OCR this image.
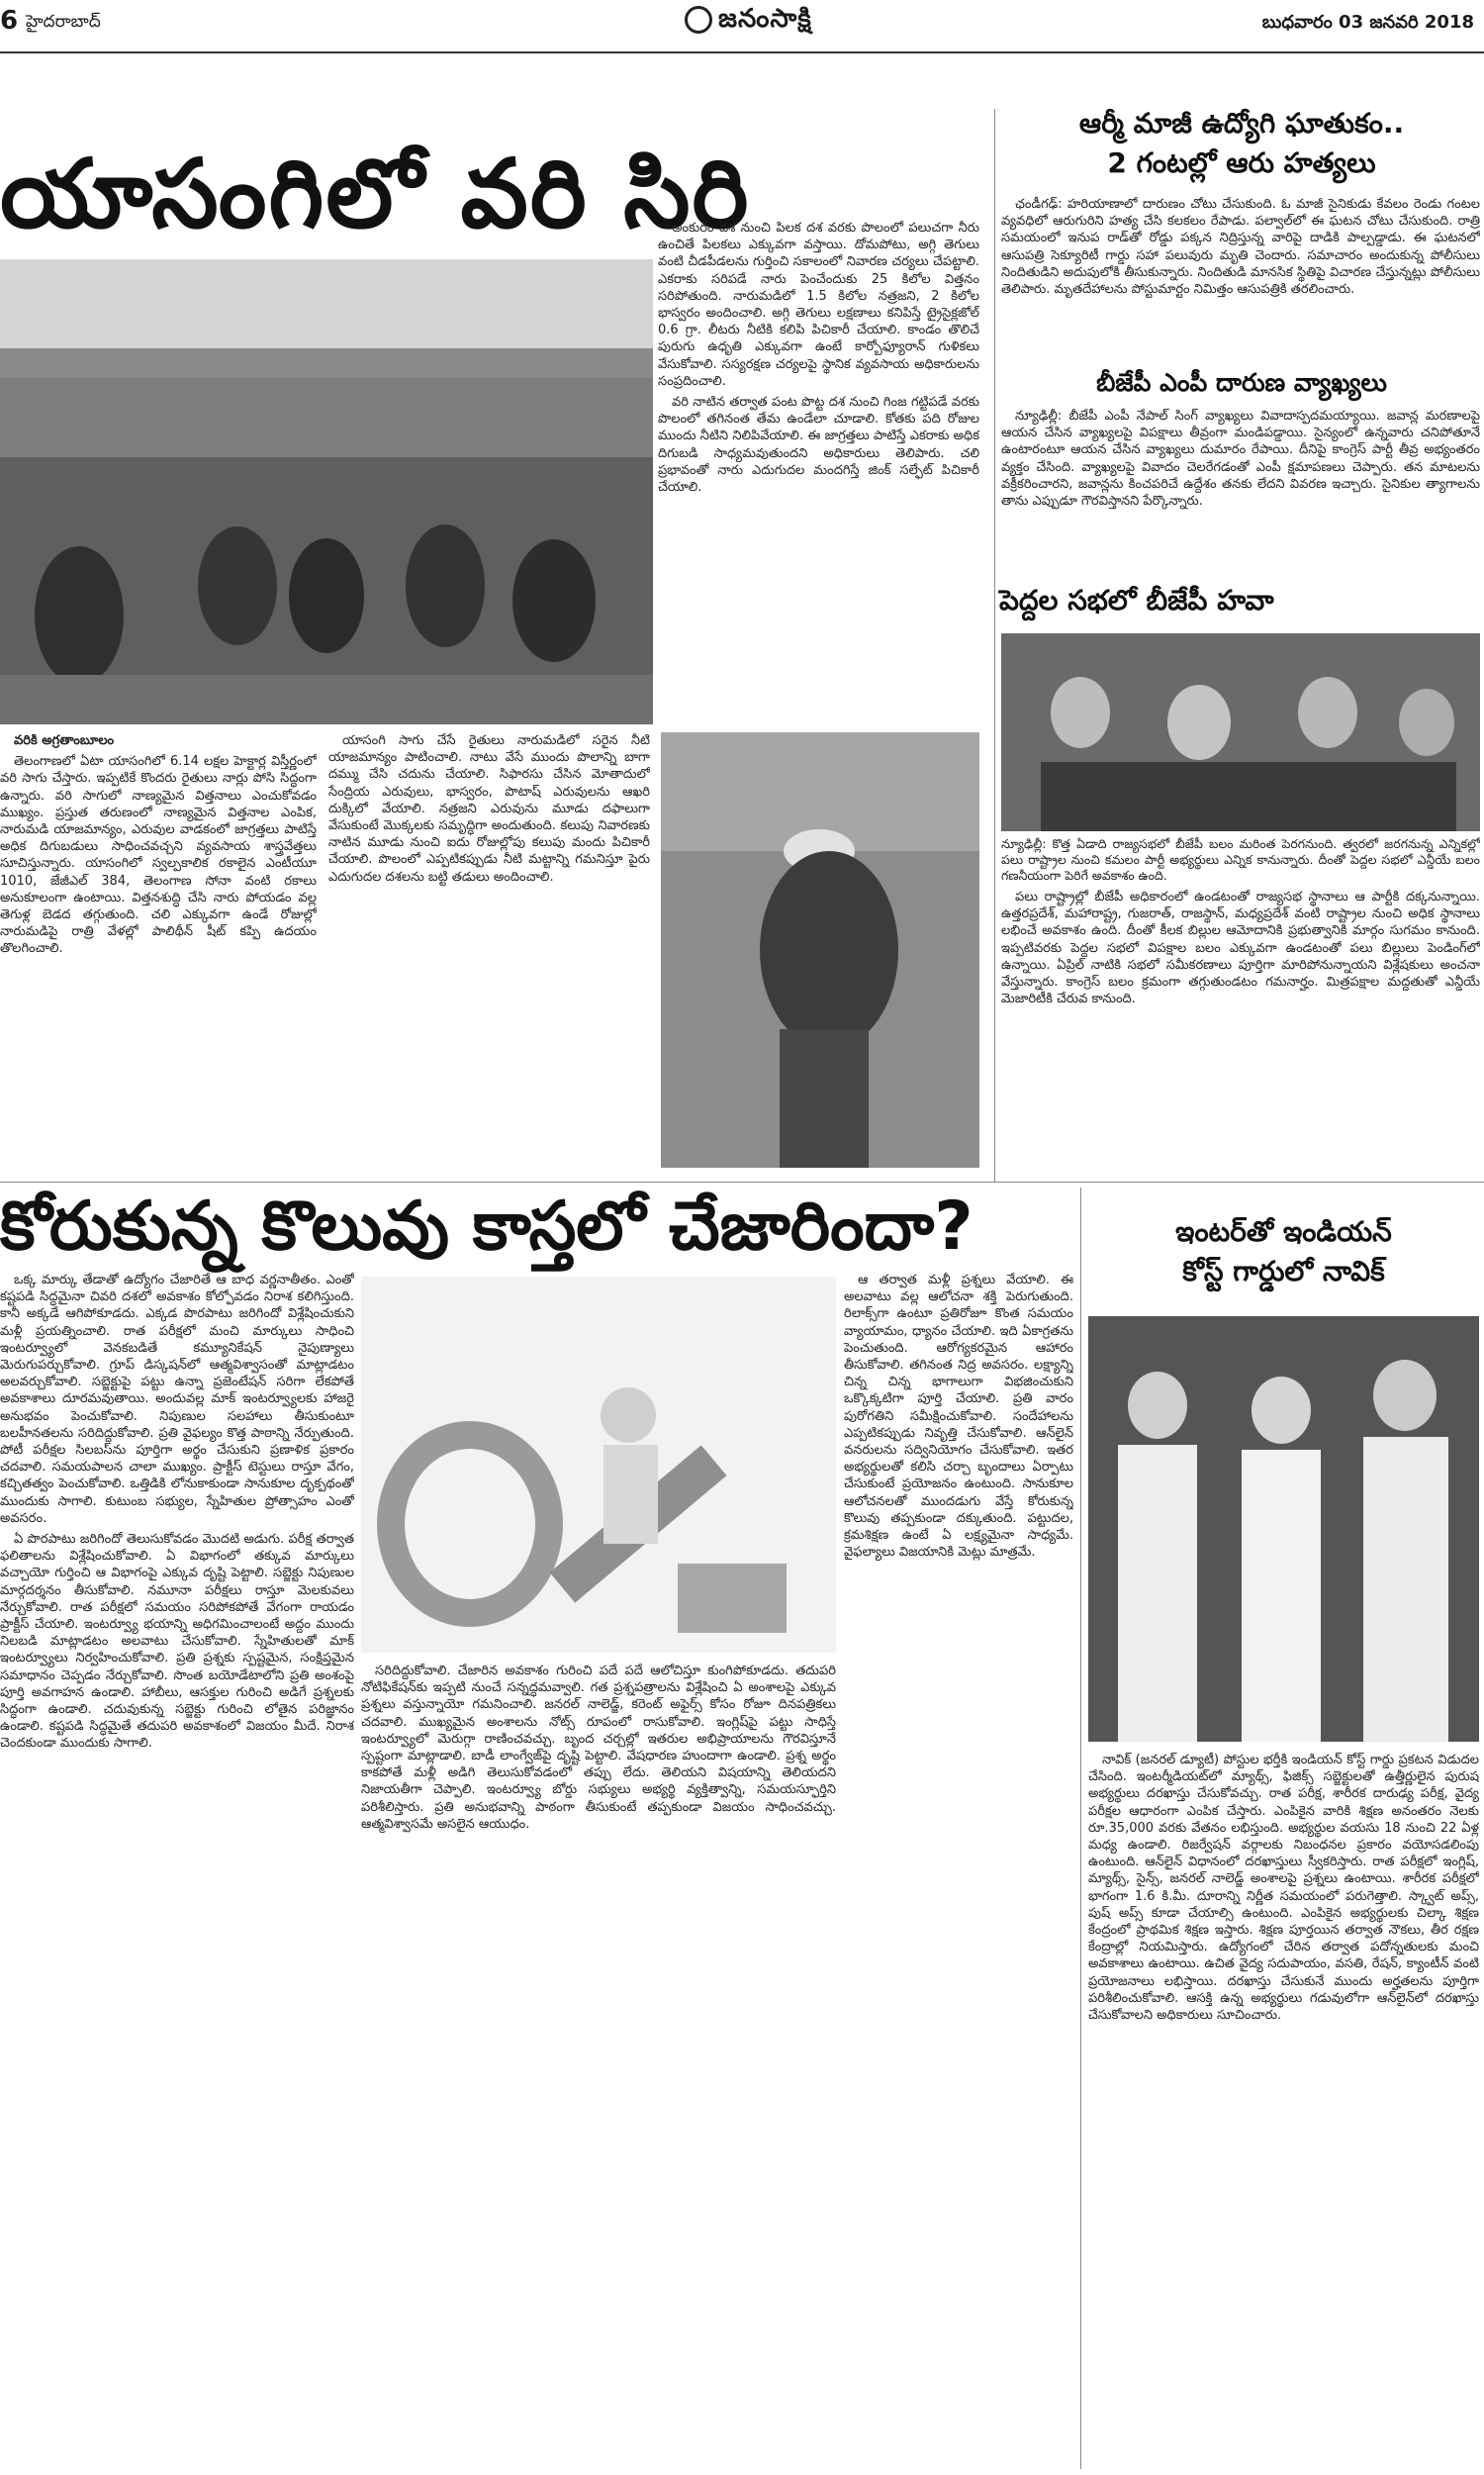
6 హైదరాబాద్	జనంసాక్షి	బుధవారం 03 జనవరి 2018
యాసంగిలో వరి సిరి

అంకురం దశ నుంచి పిలక దశ వరకు పొలంలో పలుచగా నీరు ఉంచితే పిలకలు ఎక్కువగా వస్తాయి. దోమపోటు, అగ్గి తెగులు వంటి చీడపీడలను గుర్తించి సకాలంలో నివారణ చర్యలు చేపట్టాలి. ఎకరాకు సరిపడే నారు పెంచేందుకు 25 కిలోల విత్తనం సరిపోతుంది. నారుమడిలో 1.5 కిలోల నత్రజని, 2 కిలోల భాస్వరం అందించాలి. అగ్గి తెగులు లక్షణాలు కనిపిస్తే ట్రైసైక్లజోల్ 0.6 గ్రా. లీటరు నీటికి కలిపి పిచికారీ చేయాలి. కాండం తొలిచే పురుగు ఉధృతి ఎక్కువగా ఉంటే కార్బోఫ్యూరాన్ గుళికలు వేసుకోవాలి. సస్యరక్షణ చర్యలపై స్థానిక వ్యవసాయ అధికారులను సంప్రదించాలి.

వరి నాటిన తర్వాత పంట పొట్ట దశ నుంచి గింజ గట్టిపడే వరకు పొలంలో తగినంత తేమ ఉండేలా చూడాలి. కోతకు పది రోజుల ముందు నీటిని నిలిపివేయాలి. ఈ జాగ్రత్తలు పాటిస్తే ఎకరాకు అధిక దిగుబడి సాధ్యమవుతుందని అధికారులు తెలిపారు. చలి ప్రభావంతో నారు ఎదుగుదల మందగిస్తే జింక్ సల్ఫేట్ పిచికారీ చేయాలి.

వరికి అగ్రతాంబూలం

తెలంగాణలో ఏటా యాసంగిలో 6.14 లక్షల హెక్టార్ల విస్తీర్ణంలో వరి సాగు చేస్తారు. ఇప్పటికే కొందరు రైతులు నార్లు పోసి సిద్ధంగా ఉన్నారు. వరి సాగులో నాణ్యమైన విత్తనాలు ఎంచుకోవడం ముఖ్యం. ప్రస్తుత తరుణంలో నాణ్యమైన విత్తనాల ఎంపిక, నారుమడి యాజమాన్యం, ఎరువుల వాడకంలో జాగ్రత్తలు పాటిస్తే అధిక దిగుబడులు సాధించవచ్చని వ్యవసాయ శాస్త్రవేత్తలు సూచిస్తున్నారు. యాసంగిలో స్వల్పకాలిక రకాలైన ఎంటీయూ 1010, జేజీఎల్ 384, తెలంగాణ సోనా వంటి రకాలు అనుకూలంగా ఉంటాయి. విత్తనశుద్ధి చేసి నారు పోయడం వల్ల తెగుళ్ల బెడద తగ్గుతుంది. చలి ఎక్కువగా ఉండే రోజుల్లో నారుమడిపై రాత్రి వేళల్లో పాలిథీన్ షీట్ కప్పి ఉదయం తొలగించాలి.

యాసంగి సాగు చేసే రైతులు నారుమడిలో సరైన నీటి యాజమాన్యం పాటించాలి. నాటు వేసే ముందు పొలాన్ని బాగా దమ్ము చేసి చదును చేయాలి. సిఫారసు చేసిన మోతాదులో సేంద్రియ ఎరువులు, భాస్వరం, పొటాష్ ఎరువులను ఆఖరి దుక్కిలో వేయాలి. నత్రజని ఎరువును మూడు దఫాలుగా వేసుకుంటే మొక్కలకు సమృద్ధిగా అందుతుంది. కలుపు నివారణకు నాటిన మూడు నుంచి ఐదు రోజుల్లోపు కలుపు మందు పిచికారీ చేయాలి. పొలంలో ఎప్పటికప్పుడు నీటి మట్టాన్ని గమనిస్తూ పైరు ఎదుగుదల దశలను బట్టి తడులు అందించాలి.

ఆర్మీ మాజీ ఉద్యోగి ఘాతుకం..
2 గంటల్లో ఆరు హత్యలు

ఛండీగఢ్‌: హరియాణాలో దారుణం చోటు చేసుకుంది. ఓ మాజీ సైనికుడు కేవలం రెండు గంటల వ్యవధిలో ఆరుగురిని హత్య చేసి కలకలం రేపాడు. పల్వాల్‌లో ఈ ఘటన చోటు చేసుకుంది. రాత్రి సమయంలో ఇనుప రాడ్‌తో రోడ్డు పక్కన నిద్రిస్తున్న వారిపై దాడికి పాల్పడ్డాడు. ఈ ఘటనలో ఆసుపత్రి సెక్యూరిటీ గార్డు సహా పలువురు మృతి చెందారు. సమాచారం అందుకున్న పోలీసులు నిందితుడిని అదుపులోకి తీసుకున్నారు. నిందితుడి మానసిక స్థితిపై విచారణ చేస్తున్నట్లు పోలీసులు తెలిపారు. మృతదేహాలను పోస్టుమార్టం నిమిత్తం ఆసుపత్రికి తరలించారు.

బీజేపీ ఎంపీ దారుణ వ్యాఖ్యలు

న్యూఢిల్లీ: బీజేపీ ఎంపీ నేపాల్ సింగ్ వ్యాఖ్యలు వివాదాస్పదమయ్యాయి. జవాన్ల మరణాలపై ఆయన చేసిన వ్యాఖ్యలపై విపక్షాలు తీవ్రంగా మండిపడ్డాయి. సైన్యంలో ఉన్నవారు చనిపోతూనే ఉంటారంటూ ఆయన చేసిన వ్యాఖ్యలు దుమారం రేపాయి. దీనిపై కాంగ్రెస్ పార్టీ తీవ్ర అభ్యంతరం వ్యక్తం చేసింది. వ్యాఖ్యలపై వివాదం చెలరేగడంతో ఎంపీ క్షమాపణలు చెప్పారు. తన మాటలను వక్రీకరించారని, జవాన్లను కించపరిచే ఉద్దేశం తనకు లేదని వివరణ ఇచ్చారు. సైనికుల త్యాగాలను తాను ఎప్పుడూ గౌరవిస్తానని పేర్కొన్నారు.

పెద్దల సభలో బీజేపీ హవా
న్యూఢిల్లీ: కొత్త ఏడాది రాజ్యసభలో బీజేపీ బలం మరింత పెరగనుంది. త్వరలో జరగనున్న ఎన్నికల్లో పలు రాష్ట్రాల నుంచి కమలం పార్టీ అభ్యర్థులు ఎన్నిక కానున్నారు. దీంతో పెద్దల సభలో ఎన్డీయే బలం గణనీయంగా పెరిగే అవకాశం ఉంది.

పలు రాష్ట్రాల్లో బీజేపీ అధికారంలో ఉండటంతో రాజ్యసభ స్థానాలు ఆ పార్టీకి దక్కనున్నాయి. ఉత్తరప్రదేశ్, మహారాష్ట్ర, గుజరాత్, రాజస్థాన్, మధ్యప్రదేశ్ వంటి రాష్ట్రాల నుంచి అధిక స్థానాలు లభించే అవకాశం ఉంది. దీంతో కీలక బిల్లుల ఆమోదానికి ప్రభుత్వానికి మార్గం సుగమం కానుంది. ఇప్పటివరకు పెద్దల సభలో విపక్షాల బలం ఎక్కువగా ఉండటంతో పలు బిల్లులు పెండింగ్‌లో ఉన్నాయి. ఏప్రిల్ నాటికి సభలో సమీకరణాలు పూర్తిగా మారిపోనున్నాయని విశ్లేషకులు అంచనా వేస్తున్నారు. కాంగ్రెస్ బలం క్రమంగా తగ్గుతుండటం గమనార్హం. మిత్రపక్షాల మద్దతుతో ఎన్డీయే మెజారిటీకి చేరువ కానుంది.

కోరుకున్న కొలువు కాస్తలో చేజారిందా?

ఒక్క మార్కు తేడాతో ఉద్యోగం చేజారితే ఆ బాధ వర్ణనాతీతం. ఎంతో కష్టపడి సిద్ధమైనా చివరి దశలో అవకాశం కోల్పోవడం నిరాశ కలిగిస్తుంది. కానీ అక్కడే ఆగిపోకూడదు. ఎక్కడ పొరపాటు జరిగిందో విశ్లేషించుకుని మళ్లీ ప్రయత్నించాలి. రాత పరీక్షలో మంచి మార్కులు సాధించి ఇంటర్వ్యూలో వెనకబడితే కమ్యూనికేషన్ నైపుణ్యాలు మెరుగుపర్చుకోవాలి. గ్రూప్ డిస్కషన్‌లో ఆత్మవిశ్వాసంతో మాట్లాడటం అలవర్చుకోవాలి. సబ్జెక్టుపై పట్టు ఉన్నా ప్రజెంటేషన్ సరిగా లేకపోతే అవకాశాలు దూరమవుతాయి. అందువల్ల మాక్ ఇంటర్వ్యూలకు హాజరై అనుభవం పెంచుకోవాలి. నిపుణుల సలహాలు తీసుకుంటూ బలహీనతలను సరిదిద్దుకోవాలి. ప్రతి వైఫల్యం కొత్త పాఠాన్ని నేర్పుతుంది. పోటీ పరీక్షల సిలబస్‌ను పూర్తిగా అర్థం చేసుకుని ప్రణాళిక ప్రకారం చదవాలి. సమయపాలన చాలా ముఖ్యం. ప్రాక్టీస్ టెస్టులు రాస్తూ వేగం, కచ్చితత్వం పెంచుకోవాలి. ఒత్తిడికి లోనుకాకుండా సానుకూల దృక్పథంతో ముందుకు సాగాలి. కుటుంబ సభ్యుల, స్నేహితుల ప్రోత్సాహం ఎంతో అవసరం.

ఏ పొరపాటు జరిగిందో తెలుసుకోవడం మొదటి అడుగు. పరీక్ష తర్వాత ఫలితాలను విశ్లేషించుకోవాలి. ఏ విభాగంలో తక్కువ మార్కులు వచ్చాయో గుర్తించి ఆ విభాగంపై ఎక్కువ దృష్టి పెట్టాలి. సబ్జెక్టు నిపుణుల మార్గదర్శనం తీసుకోవాలి. నమూనా పరీక్షలు రాస్తూ మెలకువలు నేర్చుకోవాలి. రాత పరీక్షలో సమయం సరిపోకపోతే వేగంగా రాయడం ప్రాక్టీస్ చేయాలి. ఇంటర్వ్యూ భయాన్ని అధిగమించాలంటే అద్దం ముందు నిలబడి మాట్లాడటం అలవాటు చేసుకోవాలి. స్నేహితులతో మాక్ ఇంటర్వ్యూలు నిర్వహించుకోవాలి. ప్రతి ప్రశ్నకు స్పష్టమైన, సంక్షిప్తమైన సమాధానం చెప్పడం నేర్చుకోవాలి. సొంత బయోడేటాలోని ప్రతి అంశంపై పూర్తి అవగాహన ఉండాలి. హాబీలు, ఆసక్తుల గురించి అడిగే ప్రశ్నలకు సిద్ధంగా ఉండాలి. చదువుకున్న సబ్జెక్టు గురించి లోతైన పరిజ్ఞానం ఉండాలి. కష్టపడి సిద్ధమైతే తదుపరి అవకాశంలో విజయం మీదే. నిరాశ చెందకుండా ముందుకు సాగాలి.

సరిదిద్దుకోవాలి. చేజారిన అవకాశం గురించి పదే పదే ఆలోచిస్తూ కుంగిపోకూడదు. తదుపరి నోటిఫికేషన్‌కు ఇప్పటి నుంచే సన్నద్ధమవ్వాలి. గత ప్రశ్నపత్రాలను విశ్లేషించి ఏ అంశాలపై ఎక్కువ ప్రశ్నలు వస్తున్నాయో గమనించాలి. జనరల్ నాలెడ్జ్, కరెంట్ అఫైర్స్ కోసం రోజూ దినపత్రికలు చదవాలి. ముఖ్యమైన అంశాలను నోట్స్ రూపంలో రాసుకోవాలి. ఇంగ్లిష్‌పై పట్టు సాధిస్తే ఇంటర్వ్యూలో మెరుగ్గా రాణించవచ్చు. బృంద చర్చల్లో ఇతరుల అభిప్రాయాలను గౌరవిస్తూనే స్పష్టంగా మాట్లాడాలి. బాడీ లాంగ్వేజ్‌పై దృష్టి పెట్టాలి. వేషధారణ హుందాగా ఉండాలి. ప్రశ్న అర్థం కాకపోతే మళ్లీ అడిగి తెలుసుకోవడంలో తప్పు లేదు. తెలియని విషయాన్ని తెలియదని నిజాయతీగా చెప్పాలి. ఇంటర్వ్యూ బోర్డు సభ్యులు అభ్యర్థి వ్యక్తిత్వాన్ని, సమయస్ఫూర్తిని పరిశీలిస్తారు. ప్రతి అనుభవాన్ని పాఠంగా తీసుకుంటే తప్పకుండా విజయం సాధించవచ్చు. ఆత్మవిశ్వాసమే అసలైన ఆయుధం.

ఆ తర్వాత మళ్లీ ప్రశ్నలు వేయాలి. ఈ అలవాటు వల్ల ఆలోచనా శక్తి పెరుగుతుంది. రిలాక్స్‌గా ఉంటూ ప్రతిరోజూ కొంత సమయం వ్యాయామం, ధ్యానం చేయాలి. ఇది ఏకాగ్రతను పెంచుతుంది. ఆరోగ్యకరమైన ఆహారం తీసుకోవాలి. తగినంత నిద్ర అవసరం. లక్ష్యాన్ని చిన్న చిన్న భాగాలుగా విభజించుకుని ఒక్కొక్కటిగా పూర్తి చేయాలి. ప్రతి వారం పురోగతిని సమీక్షించుకోవాలి. సందేహాలను ఎప్పటికప్పుడు నివృత్తి చేసుకోవాలి. ఆన్‌లైన్ వనరులను సద్వినియోగం చేసుకోవాలి. ఇతర అభ్యర్థులతో కలిసి చర్చా బృందాలు ఏర్పాటు చేసుకుంటే ప్రయోజనం ఉంటుంది. సానుకూల ఆలోచనలతో ముందడుగు వేస్తే కోరుకున్న కొలువు తప్పకుండా దక్కుతుంది. పట్టుదల, క్రమశిక్షణ ఉంటే ఏ లక్ష్యమైనా సాధ్యమే. వైఫల్యాలు విజయానికి మెట్లు మాత్రమే.

ఇంటర్‌తో ఇండియన్
కోస్ట్ గార్డులో నావిక్

నావిక్ (జనరల్ డ్యూటీ) పోస్టుల భర్తీకి ఇండియన్ కోస్ట్ గార్డు ప్రకటన విడుదల చేసింది. ఇంటర్మీడియట్‌లో మ్యాథ్స్, ఫిజిక్స్ సబ్జెక్టులతో ఉత్తీర్ణులైన పురుష అభ్యర్థులు దరఖాస్తు చేసుకోవచ్చు. రాత పరీక్ష, శారీరక దారుఢ్య పరీక్ష, వైద్య పరీక్షల ఆధారంగా ఎంపిక చేస్తారు. ఎంపికైన వారికి శిక్షణ అనంతరం నెలకు రూ.35,000 వరకు వేతనం లభిస్తుంది. అభ్యర్థుల వయసు 18 నుంచి 22 ఏళ్ల మధ్య ఉండాలి. రిజర్వేషన్ వర్గాలకు నిబంధనల ప్రకారం వయోసడలింపు ఉంటుంది. ఆన్‌లైన్ విధానంలో దరఖాస్తులు స్వీకరిస్తారు. రాత పరీక్షలో ఇంగ్లిష్, మ్యాథ్స్, సైన్స్, జనరల్ నాలెడ్జ్ అంశాలపై ప్రశ్నలు ఉంటాయి. శారీరక పరీక్షలో భాగంగా 1.6 కి.మీ. దూరాన్ని నిర్ణీత సమయంలో పరుగెత్తాలి. స్క్వాట్ అప్స్, పుష్ అప్స్ కూడా చేయాల్సి ఉంటుంది. ఎంపికైన అభ్యర్థులకు చిల్కా శిక్షణ కేంద్రంలో ప్రాథమిక శిక్షణ ఇస్తారు. శిక్షణ పూర్తయిన తర్వాత నౌకలు, తీర రక్షణ కేంద్రాల్లో నియమిస్తారు. ఉద్యోగంలో చేరిన తర్వాత పదోన్నతులకు మంచి అవకాశాలు ఉంటాయి. ఉచిత వైద్య సదుపాయం, వసతి, రేషన్, క్యాంటీన్ వంటి ప్రయోజనాలు లభిస్తాయి. దరఖాస్తు చేసుకునే ముందు అర్హతలను పూర్తిగా పరిశీలించుకోవాలి. ఆసక్తి ఉన్న అభ్యర్థులు గడువులోగా ఆన్‌లైన్‌లో దరఖాస్తు చేసుకోవాలని అధికారులు సూచించారు.
